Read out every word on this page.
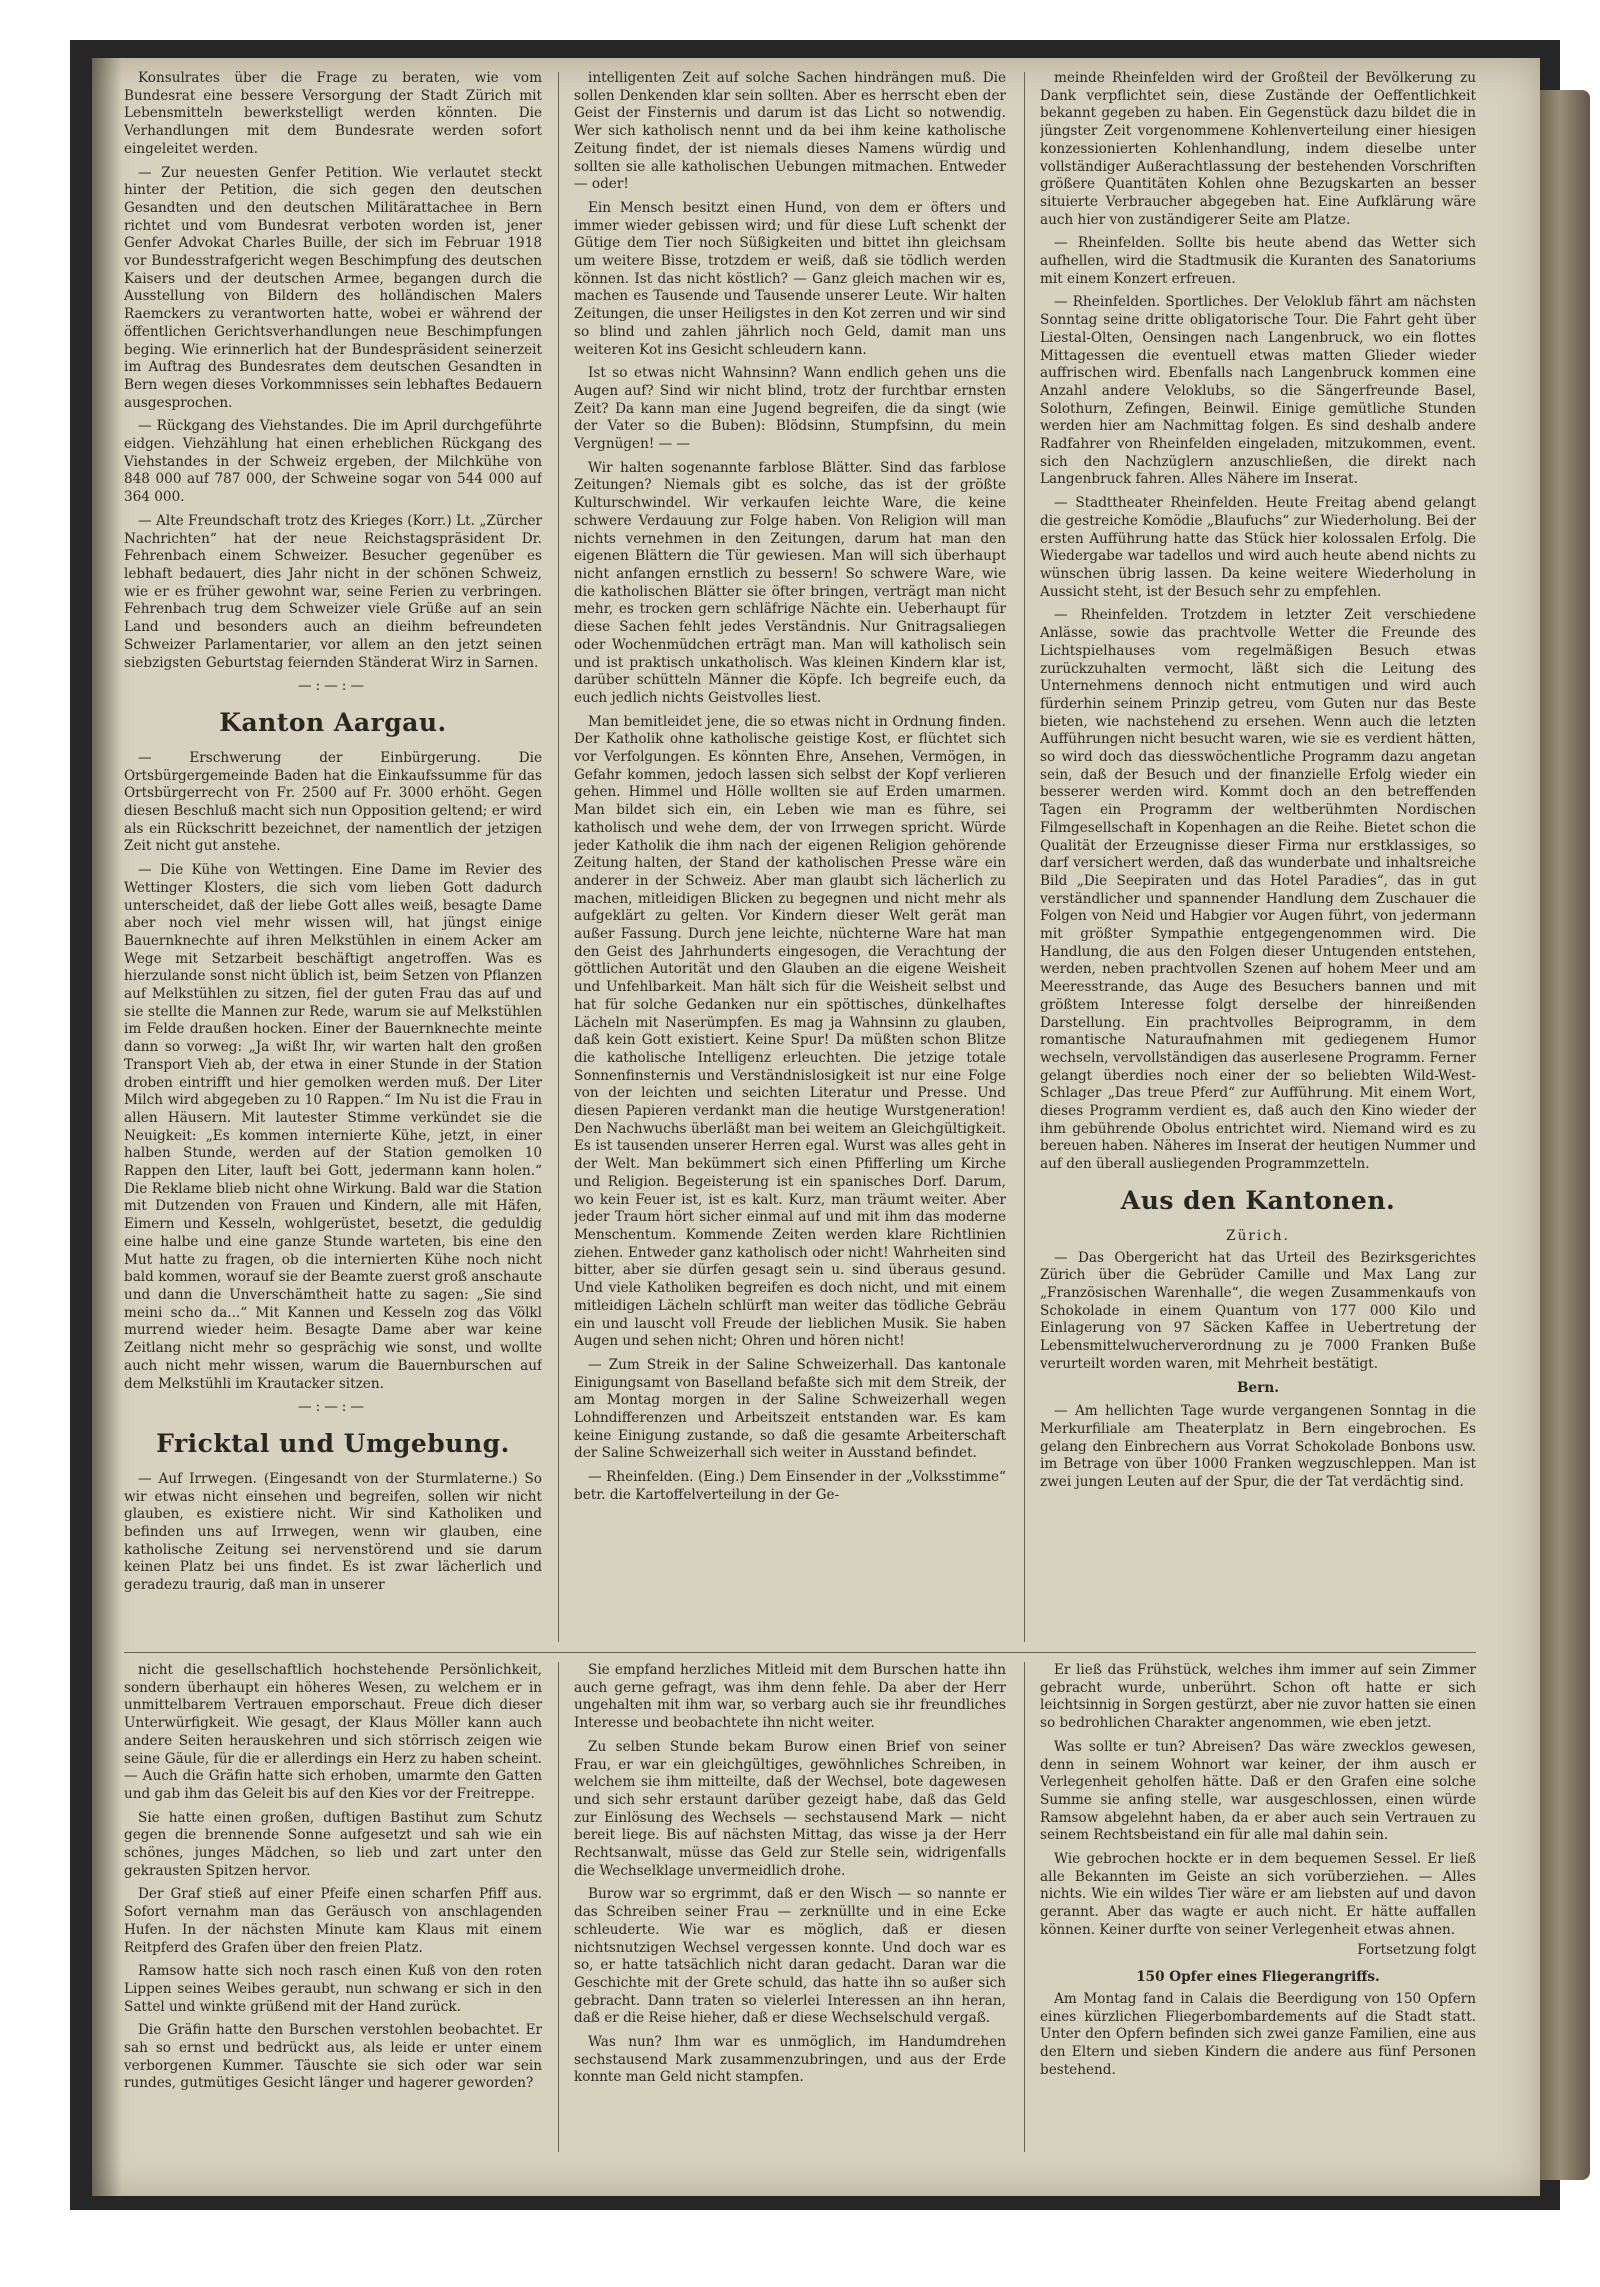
Konsulrates über die Frage zu beraten, wie vom Bundesrat eine bessere Versorgung der Stadt Zürich mit Lebensmitteln bewerkstelligt werden könnten. Die Verhandlungen mit dem Bundesrate werden sofort eingeleitet werden.

— Zur neuesten Genfer Petition. Wie verlautet steckt hinter der Petition, die sich gegen den deutschen Gesandten und den deutschen Militärattachee in Bern richtet und vom Bundesrat verboten worden ist, jener Genfer Advokat Charles Buille, der sich im Februar 1918 vor Bundesstrafgericht wegen Beschimpfung des deutschen Kaisers und der deutschen Armee, begangen durch die Ausstellung von Bildern des holländischen Malers Raemckers zu verantworten hatte, wobei er während der öffentlichen Gerichtsverhandlungen neue Beschimpfungen beging. Wie erinnerlich hat der Bundespräsident seinerzeit im Auftrag des Bundesrates dem deutschen Gesandten in Bern wegen dieses Vorkommnisses sein lebhaftes Bedauern ausgesprochen.

— Rückgang des Viehstandes. Die im April durchgeführte eidgen. Viehzählung hat einen erheblichen Rückgang des Viehstandes in der Schweiz ergeben, der Milchkühe von 848 000 auf 787 000, der Schweine sogar von 544 000 auf 364 000.

— Alte Freundschaft trotz des Krieges (Korr.) Lt. „Zürcher Nachrichten“ hat der neue Reichstagspräsident Dr. Fehrenbach einem Schweizer. Besucher gegenüber es lebhaft bedauert, dies Jahr nicht in der schönen Schweiz, wie er es früher gewohnt war, seine Ferien zu verbringen. Fehrenbach trug dem Schweizer viele Grüße auf an sein Land und besonders auch an dieihm befreundeten Schweizer Parlamentarier, vor allem an den jetzt seinen siebzigsten Geburtstag feiernden Ständerat Wirz in Sarnen.

—:—:—

Kanton Aargau.

— Erschwerung der Einbürgerung. Die Ortsbürgergemeinde Baden hat die Einkaufssumme für das Ortsbürgerrecht von Fr. 2500 auf Fr. 3000 erhöht. Gegen diesen Beschluß macht sich nun Opposition geltend; er wird als ein Rückschritt bezeichnet, der namentlich der jetzigen Zeit nicht gut anstehe.

— Die Kühe von Wettingen. Eine Dame im Revier des Wettinger Klosters, die sich vom lieben Gott dadurch unterscheidet, daß der liebe Gott alles weiß, besagte Dame aber noch viel mehr wissen will, hat jüngst einige Bauernknechte auf ihren Melkstühlen in einem Acker am Wege mit Setzarbeit beschäftigt angetroffen. Was es hierzulande sonst nicht üblich ist, beim Setzen von Pflanzen auf Melkstühlen zu sitzen, fiel der guten Frau das auf und sie stellte die Mannen zur Rede, warum sie auf Melkstühlen im Felde draußen hocken. Einer der Bauernknechte meinte dann so vorweg: „Ja wißt Ihr, wir warten halt den großen Transport Vieh ab, der etwa in einer Stunde in der Station droben eintrifft und hier gemolken werden muß. Der Liter Milch wird abgegeben zu 10 Rappen.“ Im Nu ist die Frau in allen Häusern. Mit lautester Stimme verkündet sie die Neuigkeit: „Es kommen internierte Kühe, jetzt, in einer halben Stunde, werden auf der Station gemolken 10 Rappen den Liter, lauft bei Gott, jedermann kann holen.“ Die Reklame blieb nicht ohne Wirkung. Bald war die Station mit Dutzenden von Frauen und Kindern, alle mit Häfen, Eimern und Kesseln, wohlgerüstet, besetzt, die geduldig eine halbe und eine ganze Stunde warteten, bis eine den Mut hatte zu fragen, ob die internierten Kühe noch nicht bald kommen, worauf sie der Beamte zuerst groß anschaute und dann die Unverschämtheit hatte zu sagen: „Sie sind meini scho da...“ Mit Kannen und Kesseln zog das Völkl murrend wieder heim. Besagte Dame aber war keine Zeitlang nicht mehr so gesprächig wie sonst, und wollte auch nicht mehr wissen, warum die Bauernburschen auf dem Melkstühli im Krautacker sitzen.

—:—:—

Fricktal und Umgebung.

— Auf Irrwegen. (Eingesandt von der Sturmlaterne.) So wir etwas nicht einsehen und begreifen, sollen wir nicht glauben, es existiere nicht. Wir sind Katholiken und befinden uns auf Irrwegen, wenn wir glauben, eine katholische Zeitung sei nervenstörend und sie darum keinen Platz bei uns findet. Es ist zwar lächerlich und geradezu traurig, daß man in unserer

intelligenten Zeit auf solche Sachen hindrängen muß. Die sollen Denkenden klar sein sollten. Aber es herrscht eben der Geist der Finsternis und darum ist das Licht so notwendig. Wer sich katholisch nennt und da bei ihm keine katholische Zeitung findet, der ist niemals dieses Namens würdig und sollten sie alle katholischen Uebungen mitmachen. Entweder — oder!

Ein Mensch besitzt einen Hund, von dem er öfters und immer wieder gebissen wird; und für diese Luft schenkt der Gütige dem Tier noch Süßigkeiten und bittet ihn gleichsam um weitere Bisse, trotzdem er weiß, daß sie tödlich werden können. Ist das nicht köstlich? — Ganz gleich machen wir es, machen es Tausende und Tausende unserer Leute. Wir halten Zeitungen, die unser Heiligstes in den Kot zerren und wir sind so blind und zahlen jährlich noch Geld, damit man uns weiteren Kot ins Gesicht schleudern kann.

Ist so etwas nicht Wahnsinn? Wann endlich gehen uns die Augen auf? Sind wir nicht blind, trotz der furchtbar ernsten Zeit? Da kann man eine Jugend begreifen, die da singt (wie der Vater so die Buben): Blödsinn, Stumpfsinn, du mein Vergnügen! — —

Wir halten sogenannte farblose Blätter. Sind das farblose Zeitungen? Niemals gibt es solche, das ist der größte Kulturschwindel. Wir verkaufen leichte Ware, die keine schwere Verdauung zur Folge haben. Von Religion will man nichts vernehmen in den Zeitungen, darum hat man den eigenen Blättern die Tür gewiesen. Man will sich überhaupt nicht anfangen ernstlich zu bessern! So schwere Ware, wie die katholischen Blätter sie öfter bringen, verträgt man nicht mehr, es trocken gern schläfrige Nächte ein. Ueberhaupt für diese Sachen fehlt jedes Verständnis. Nur Gnitragsaliegen oder Wochenmüdchen erträgt man. Man will katholisch sein und ist praktisch unkatholisch. Was kleinen Kindern klar ist, darüber schütteln Männer die Köpfe. Ich begreife euch, da euch jedlich nichts Geistvolles liest.

Man bemitleidet jene, die so etwas nicht in Ordnung finden. Der Katholik ohne katholische geistige Kost, er flüchtet sich vor Verfolgungen. Es könnten Ehre, Ansehen, Vermögen, in Gefahr kommen, jedoch lassen sich selbst der Kopf verlieren gehen. Himmel und Hölle wollten sie auf Erden umarmen. Man bildet sich ein, ein Leben wie man es führe, sei katholisch und wehe dem, der von Irrwegen spricht. Würde jeder Katholik die ihm nach der eigenen Religion gehörende Zeitung halten, der Stand der katholischen Presse wäre ein anderer in der Schweiz. Aber man glaubt sich lächerlich zu machen, mitleidigen Blicken zu begegnen und nicht mehr als aufgeklärt zu gelten. Vor Kindern dieser Welt gerät man außer Fassung. Durch jene leichte, nüchterne Ware hat man den Geist des Jahrhunderts eingesogen, die Verachtung der göttlichen Autorität und den Glauben an die eigene Weisheit und Unfehlbarkeit. Man hält sich für die Weisheit selbst und hat für solche Gedanken nur ein spöttisches, dünkelhaftes Lächeln mit Naserümpfen. Es mag ja Wahnsinn zu glauben, daß kein Gott existiert. Keine Spur! Da müßten schon Blitze die katholische Intelligenz erleuchten. Die jetzige totale Sonnenfinsternis und Verständnislosigkeit ist nur eine Folge von der leichten und seichten Literatur und Presse. Und diesen Papieren verdankt man die heutige Wurstgeneration! Den Nachwuchs überläßt man bei weitem an Gleichgültigkeit. Es ist tausenden unserer Herren egal. Wurst was alles geht in der Welt. Man bekümmert sich einen Pfifferling um Kirche und Religion. Begeisterung ist ein spanisches Dorf. Darum, wo kein Feuer ist, ist es kalt. Kurz, man träumt weiter. Aber jeder Traum hört sicher einmal auf und mit ihm das moderne Menschentum. Kommende Zeiten werden klare Richtlinien ziehen. Entweder ganz katholisch oder nicht! Wahrheiten sind bitter, aber sie dürfen gesagt sein u. sind überaus gesund. Und viele Katholiken begreifen es doch nicht, und mit einem mitleidigen Lächeln schlürft man weiter das tödliche Gebräu ein und lauscht voll Freude der lieblichen Musik. Sie haben Augen und sehen nicht; Ohren und hören nicht!

— Zum Streik in der Saline Schweizerhall. Das kantonale Einigungsamt von Baselland befaßte sich mit dem Streik, der am Montag morgen in der Saline Schweizerhall wegen Lohndifferenzen und Arbeitszeit entstanden war. Es kam keine Einigung zustande, so daß die gesamte Arbeiterschaft der Saline Schweizerhall sich weiter in Ausstand befindet.

— Rheinfelden. (Eing.) Dem Einsender in der „Volksstimme“ betr. die Kartoffelverteilung in der Ge-

meinde Rheinfelden wird der Großteil der Bevölkerung zu Dank verpflichtet sein, diese Zustände der Oeffentlichkeit bekannt gegeben zu haben. Ein Gegenstück dazu bildet die in jüngster Zeit vorgenommene Kohlenverteilung einer hiesigen konzessionierten Kohlenhandlung, indem dieselbe unter vollständiger Außerachtlassung der bestehenden Vorschriften größere Quantitäten Kohlen ohne Bezugskarten an besser situierte Verbraucher abgegeben hat. Eine Aufklärung wäre auch hier von zuständigerer Seite am Platze.

— Rheinfelden. Sollte bis heute abend das Wetter sich aufhellen, wird die Stadtmusik die Kuranten des Sanatoriums mit einem Konzert erfreuen.

— Rheinfelden. Sportliches. Der Veloklub fährt am nächsten Sonntag seine dritte obligatorische Tour. Die Fahrt geht über Liestal-Olten, Oensingen nach Langenbruck, wo ein flottes Mittagessen die eventuell etwas matten Glieder wieder auffrischen wird. Ebenfalls nach Langenbruck kommen eine Anzahl andere Veloklubs, so die Sängerfreunde Basel, Solothurn, Zefingen, Beinwil. Einige gemütliche Stunden werden hier am Nachmittag folgen. Es sind deshalb andere Radfahrer von Rheinfelden eingeladen, mitzukommen, event. sich den Nachzüglern anzuschließen, die direkt nach Langenbruck fahren. Alles Nähere im Inserat.

— Stadttheater Rheinfelden. Heute Freitag abend gelangt die gestreiche Komödie „Blaufuchs“ zur Wiederholung. Bei der ersten Aufführung hatte das Stück hier kolossalen Erfolg. Die Wiedergabe war tadellos und wird auch heute abend nichts zu wünschen übrig lassen. Da keine weitere Wiederholung in Aussicht steht, ist der Besuch sehr zu empfehlen.

— Rheinfelden. Trotzdem in letzter Zeit verschiedene Anlässe, sowie das prachtvolle Wetter die Freunde des Lichtspielhauses vom regelmäßigen Besuch etwas zurückzuhalten vermocht, läßt sich die Leitung des Unternehmens dennoch nicht entmutigen und wird auch fürderhin seinem Prinzip getreu, vom Guten nur das Beste bieten, wie nachstehend zu ersehen. Wenn auch die letzten Aufführungen nicht besucht waren, wie sie es verdient hätten, so wird doch das diesswöchentliche Programm dazu angetan sein, daß der Besuch und der finanzielle Erfolg wieder ein besserer werden wird. Kommt doch an den betreffenden Tagen ein Programm der weltberühmten Nordischen Filmgesellschaft in Kopenhagen an die Reihe. Bietet schon die Qualität der Erzeugnisse dieser Firma nur erstklassiges, so darf versichert werden, daß das wunderbate und inhaltsreiche Bild „Die Seepiraten und das Hotel Paradies“, das in gut verständlicher und spannender Handlung dem Zuschauer die Folgen von Neid und Habgier vor Augen führt, von jedermann mit größter Sympathie entgegengenommen wird. Die Handlung, die aus den Folgen dieser Untugenden entstehen, werden, neben prachtvollen Szenen auf hohem Meer und am Meeresstrande, das Auge des Besuchers bannen und mit größtem Interesse folgt derselbe der hinreißenden Darstellung. Ein prachtvolles Beiprogramm, in dem romantische Naturaufnahmen mit gediegenem Humor wechseln, vervollständigen das auserlesene Programm. Ferner gelangt überdies noch einer der so beliebten Wild-West-Schlager „Das treue Pferd“ zur Aufführung. Mit einem Wort, dieses Programm verdient es, daß auch den Kino wieder der ihm gebührende Obolus entrichtet wird. Niemand wird es zu bereuen haben. Näheres im Inserat der heutigen Nummer und auf den überall ausliegenden Programmzetteln.

Aus den Kantonen.

Zürich.

— Das Obergericht hat das Urteil des Bezirksgerichtes Zürich über die Gebrüder Camille und Max Lang zur „Französischen Warenhalle“, die wegen Zusammenkaufs von Schokolade in einem Quantum von 177 000 Kilo und Einlagerung von 97 Säcken Kaffee in Uebertretung der Lebensmittelwucherverordnung zu je 7000 Franken Buße verurteilt worden waren, mit Mehrheit bestätigt.

Bern.

— Am hellichten Tage wurde vergangenen Sonntag in die Merkurfiliale am Theaterplatz in Bern eingebrochen. Es gelang den Einbrechern aus Vorrat Schokolade Bonbons usw. im Betrage von über 1000 Franken wegzuschleppen. Man ist zwei jungen Leuten auf der Spur, die der Tat verdächtig sind.

nicht die gesellschaftlich hochstehende Persönlichkeit, sondern überhaupt ein höheres Wesen, zu welchem er in unmittelbarem Vertrauen emporschaut. Freue dich dieser Unterwürfigkeit. Wie gesagt, der Klaus Möller kann auch andere Seiten herauskehren und sich störrisch zeigen wie seine Gäule, für die er allerdings ein Herz zu haben scheint. — Auch die Gräfin hatte sich erhoben, umarmte den Gatten und gab ihm das Geleit bis auf den Kies vor der Freitreppe.

Sie hatte einen großen, duftigen Bastihut zum Schutz gegen die brennende Sonne aufgesetzt und sah wie ein schönes, junges Mädchen, so lieb und zart unter den gekrausten Spitzen hervor.

Der Graf stieß auf einer Pfeife einen scharfen Pfiff aus. Sofort vernahm man das Geräusch von anschlagenden Hufen. In der nächsten Minute kam Klaus mit einem Reitpferd des Grafen über den freien Platz.

Ramsow hatte sich noch rasch einen Kuß von den roten Lippen seines Weibes geraubt, nun schwang er sich in den Sattel und winkte grüßend mit der Hand zurück.

Die Gräfin hatte den Burschen verstohlen beobachtet. Er sah so ernst und bedrückt aus, als leide er unter einem verborgenen Kummer. Täuschte sie sich oder war sein rundes, gutmütiges Gesicht länger und hagerer geworden?

Sie empfand herzliches Mitleid mit dem Burschen hatte ihn auch gerne gefragt, was ihm denn fehle. Da aber der Herr ungehalten mit ihm war, so verbarg auch sie ihr freundliches Interesse und beobachtete ihn nicht weiter.

Zu selben Stunde bekam Burow einen Brief von seiner Frau, er war ein gleichgültiges, gewöhnliches Schreiben, in welchem sie ihm mitteilte, daß der Wechsel, bote dagewesen und sich sehr erstaunt darüber gezeigt habe, daß das Geld zur Einlösung des Wechsels — sechstausend Mark — nicht bereit liege. Bis auf nächsten Mittag, das wisse ja der Herr Rechtsanwalt, müsse das Geld zur Stelle sein, widrigenfalls die Wechselklage unvermeidlich drohe.

Burow war so ergrimmt, daß er den Wisch — so nannte er das Schreiben seiner Frau — zerknüllte und in eine Ecke schleuderte. Wie war es möglich, daß er diesen nichtsnutzigen Wechsel vergessen konnte. Und doch war es so, er hatte tatsächlich nicht daran gedacht. Daran war die Geschichte mit der Grete schuld, das hatte ihn so außer sich gebracht. Dann traten so vielerlei Interessen an ihn heran, daß er die Reise hieher, daß er diese Wechselschuld vergaß.

Was nun? Ihm war es unmöglich, im Handumdrehen sechstausend Mark zusammenzubringen, und aus der Erde konnte man Geld nicht stampfen.

Er ließ das Frühstück, welches ihm immer auf sein Zimmer gebracht wurde, unberührt. Schon oft hatte er sich leichtsinnig in Sorgen gestürzt, aber nie zuvor hatten sie einen so bedrohlichen Charakter angenommen, wie eben jetzt.

Was sollte er tun? Abreisen? Das wäre zwecklos gewesen, denn in seinem Wohnort war keiner, der ihm ausch er Verlegenheit geholfen hätte. Daß er den Grafen eine solche Summe sie anfing stelle, war ausgeschlossen, einen würde Ramsow abgelehnt haben, da er aber auch sein Vertrauen zu seinem Rechtsbeistand ein für alle mal dahin sein.

Wie gebrochen hockte er in dem bequemen Sessel. Er ließ alle Bekannten im Geiste an sich vorüberziehen. — Alles nichts. Wie ein wildes Tier wäre er am liebsten auf und davon gerannt. Aber das wagte er auch nicht. Er hätte auffallen können. Keiner durfte von seiner Verlegenheit etwas ahnen.

Fortsetzung folgt

150 Opfer eines Fliegerangriffs.

Am Montag fand in Calais die Beerdigung von 150 Opfern eines kürzlichen Fliegerbombardements auf die Stadt statt. Unter den Opfern befinden sich zwei ganze Familien, eine aus den Eltern und sieben Kindern die andere aus fünf Personen bestehend.
